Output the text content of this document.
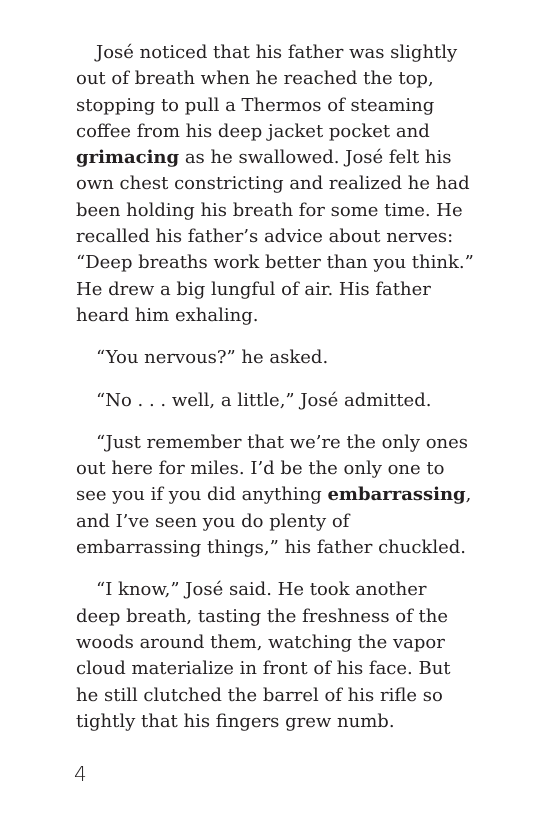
José noticed that his father was slightly out of breath when he reached the top, stopping to pull a Thermos of steaming coffee from his deep jacket pocket and grimacing as he swallowed. José felt his own chest constricting and realized he had been holding his breath for some time. He recalled his father’s advice about nerves: “Deep breaths work better than you think.” He drew a big lungful of air. His father heard him exhaling.

“You nervous?” he asked.

“No . . . well, a little,” José admitted.

“Just remember that we’re the only ones out here for miles. I’d be the only one to see you if you did anything embarrassing, and I’ve seen you do plenty of embarrassing things,” his father chuckled.

“I know,” José said. He took another deep breath, tasting the freshness of the woods around them, watching the vapor cloud materialize in front of his face. But he still clutched the barrel of his rifle so tightly that his fingers grew numb.

4
